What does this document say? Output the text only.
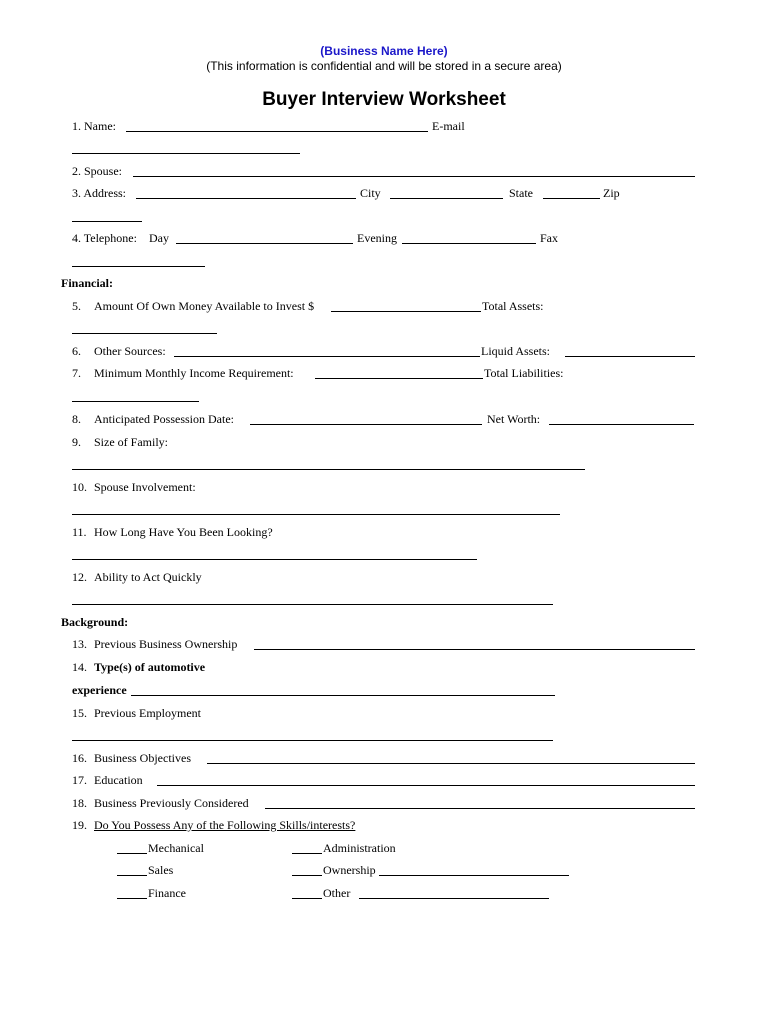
(Business Name Here)
(This information is confidential and will be stored in a secure area)
Buyer Interview Worksheet
1. Name:	E-mail
2. Spouse:
3. Address:	City	State	Zip
4. Telephone: Day	Evening	Fax
Financial:
5. Amount Of Own Money Available to Invest $	Total Assets:
6. Other Sources:	Liquid Assets:
7. Minimum Monthly Income Requirement:	Total Liabilities:
8. Anticipated Possession Date:	Net Worth:
9. Size of Family:
10. Spouse Involvement:
11. How Long Have You Been Looking?
12. Ability to Act Quickly
Background:
13. Previous Business Ownership
14. Type(s) of automotive
experience
15. Previous Employment
16. Business Objectives
17. Education
18. Business Previously Considered
19. Do You Possess Any of the Following Skills/interests?
Mechanical	Administration
Sales	Ownership
Finance	Other
